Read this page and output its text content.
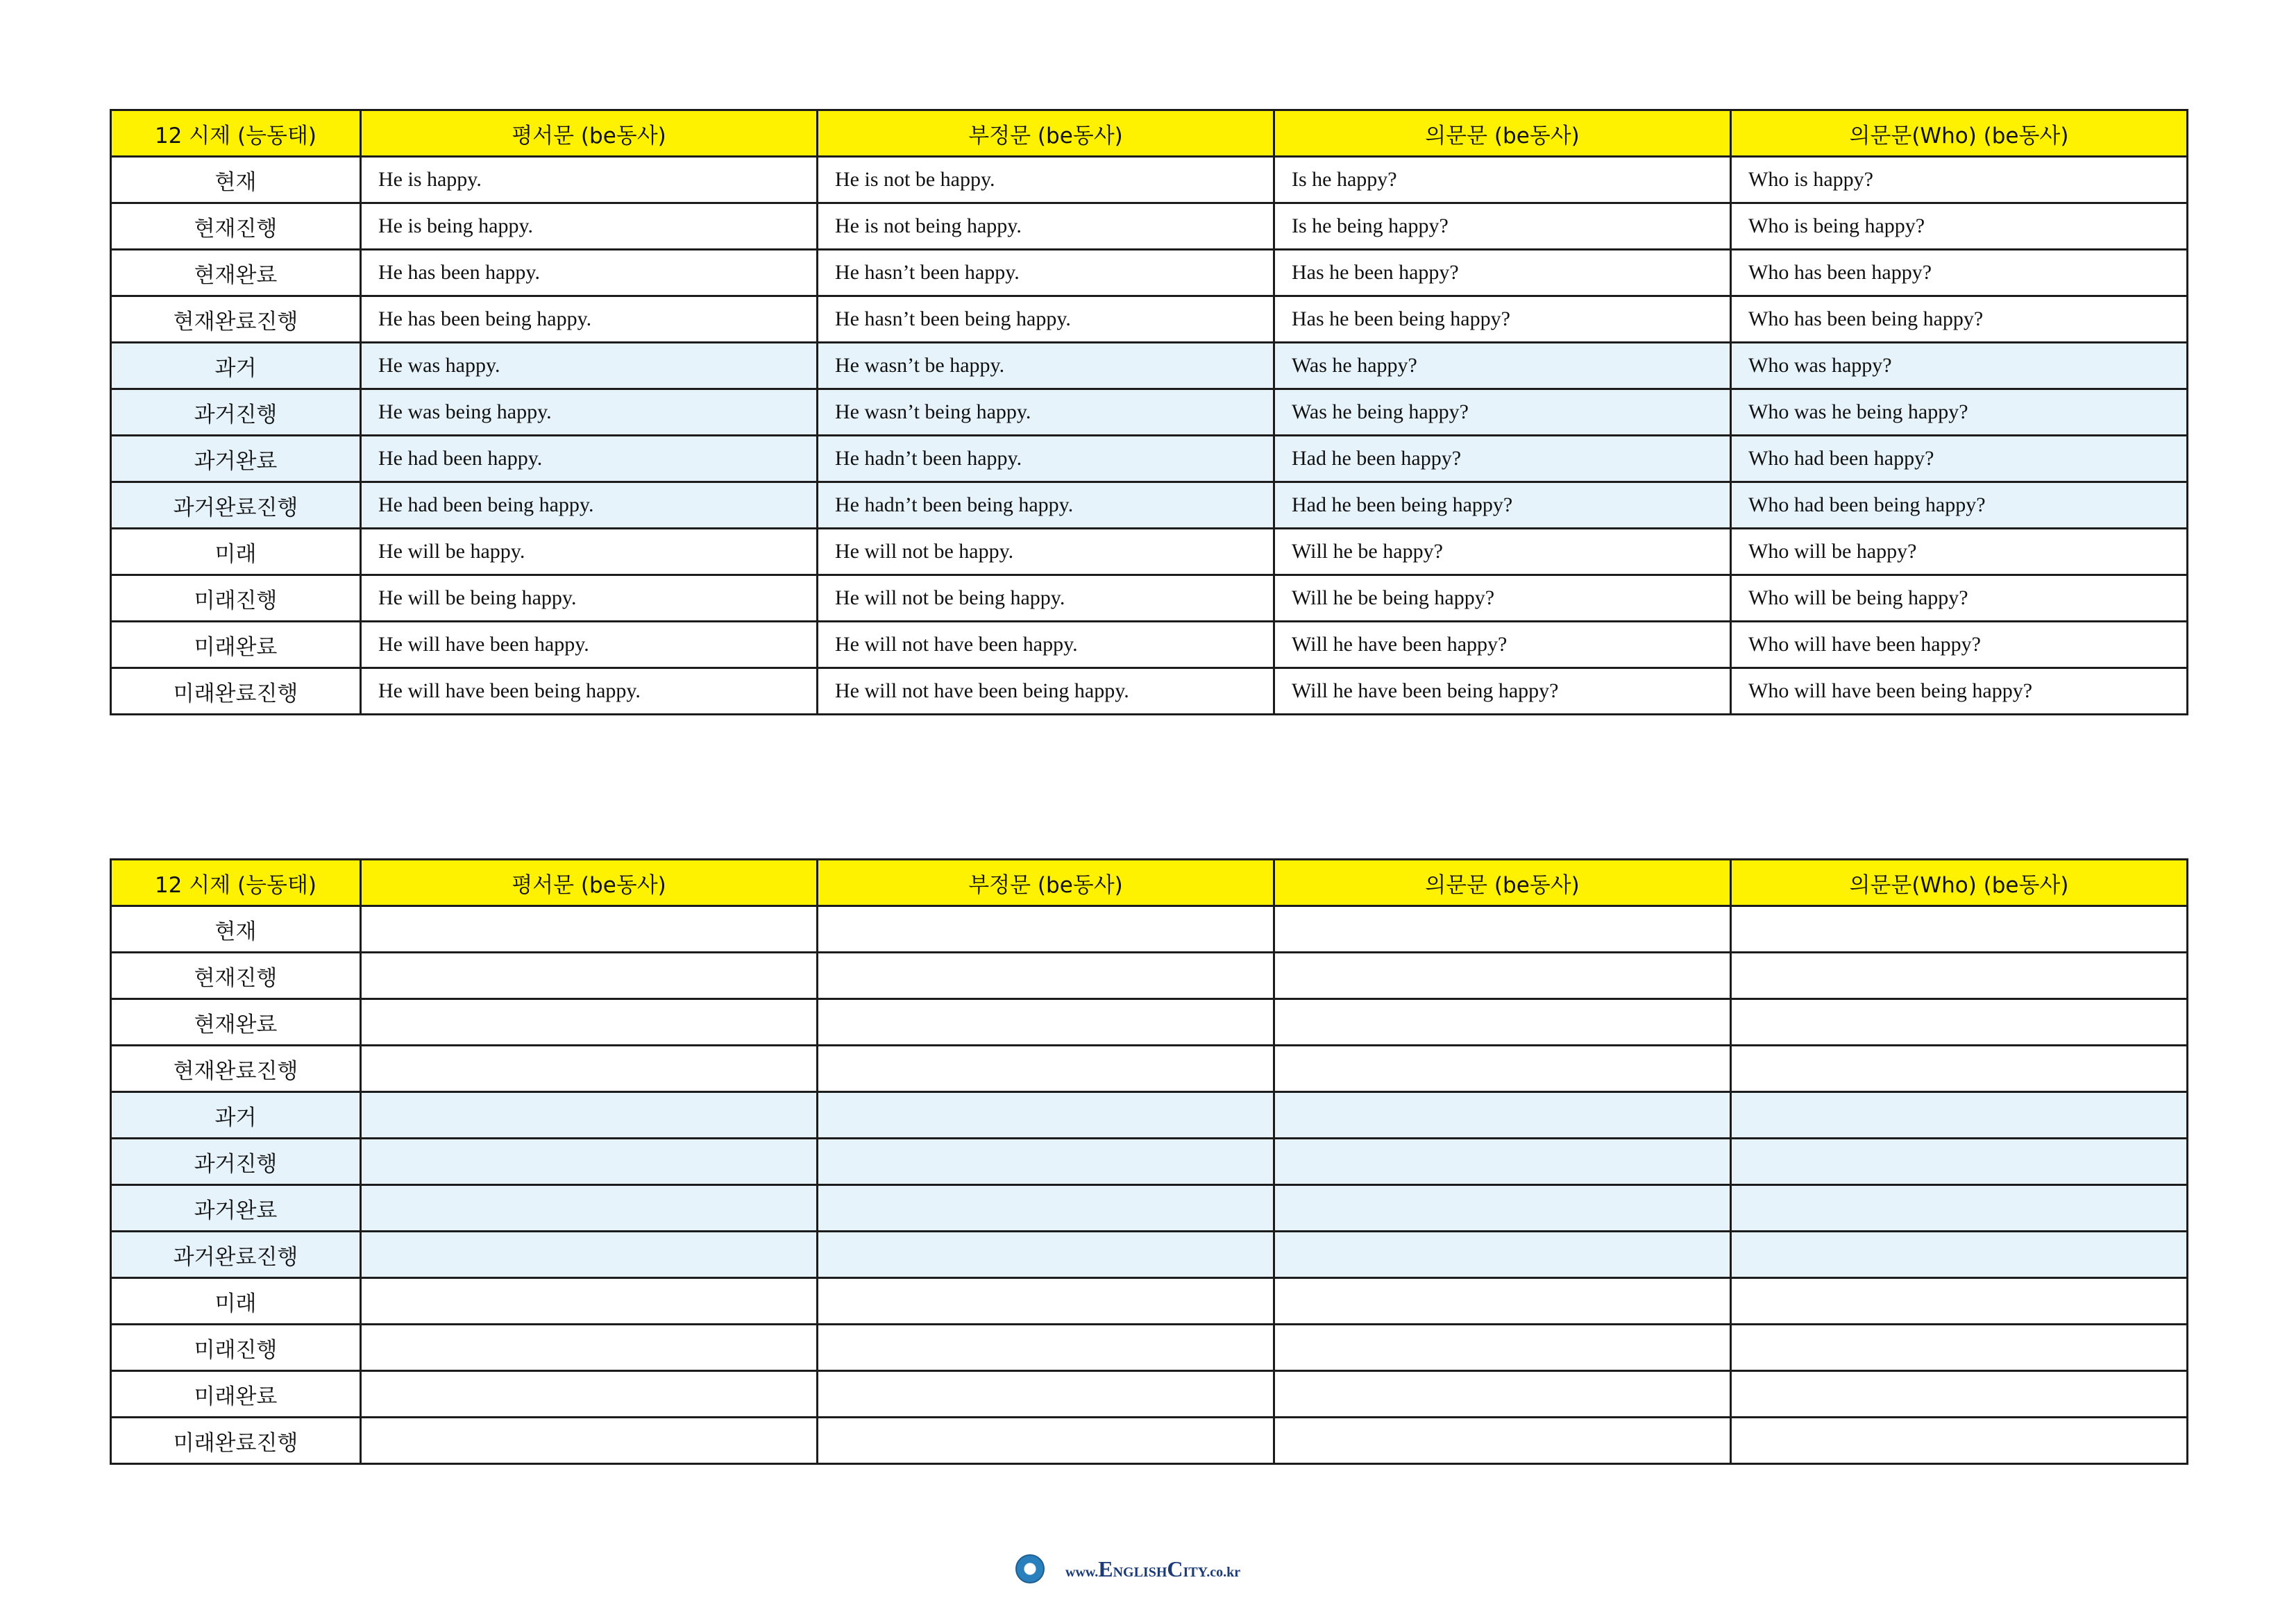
12 시제 (능동태)	평서문 (be동사)	부정문 (be동사)	의문문 (be동사)	의문문(Who) (be동사)
현재	He is happy.	He is not be happy.	Is he happy?	Who is happy?
현재진행	He is being happy.	He is not being happy.	Is he being happy?	Who is being happy?
현재완료	He has been happy.	He hasn’t been happy.	Has he been happy?	Who has been happy?
현재완료진행	He has been being happy.	He hasn’t been being happy.	Has he been being happy?	Who has been being happy?
과거	He was happy.	He wasn’t be happy.	Was he happy?	Who was happy?
과거진행	He was being happy.	He wasn’t being happy.	Was he being happy?	Who was he being happy?
과거완료	He had been happy.	He hadn’t been happy.	Had he been happy?	Who had been happy?
과거완료진행	He had been being happy.	He hadn’t been being happy.	Had he been being happy?	Who had been being happy?
미래	He will be happy.	He will not be happy.	Will he be happy?	Who will be happy?
미래진행	He will be being happy.	He will not be being happy.	Will he be being happy?	Who will be being happy?
미래완료	He will have been happy.	He will not have been happy.	Will he have been happy?	Who will have been happy?
미래완료진행	He will have been being happy.	He will not have been being happy.	Will he have been being happy?	Who will have been being happy?
12 시제 (능동태)	평서문 (be동사)	부정문 (be동사)	의문문 (be동사)	의문문(Who) (be동사)
현재				
현재진행				
현재완료				
현재완료진행				
과거				
과거진행				
과거완료				
과거완료진행				
미래				
미래진행				
미래완료				
미래완료진행				
www.ENGLISHCITY.co.kr
